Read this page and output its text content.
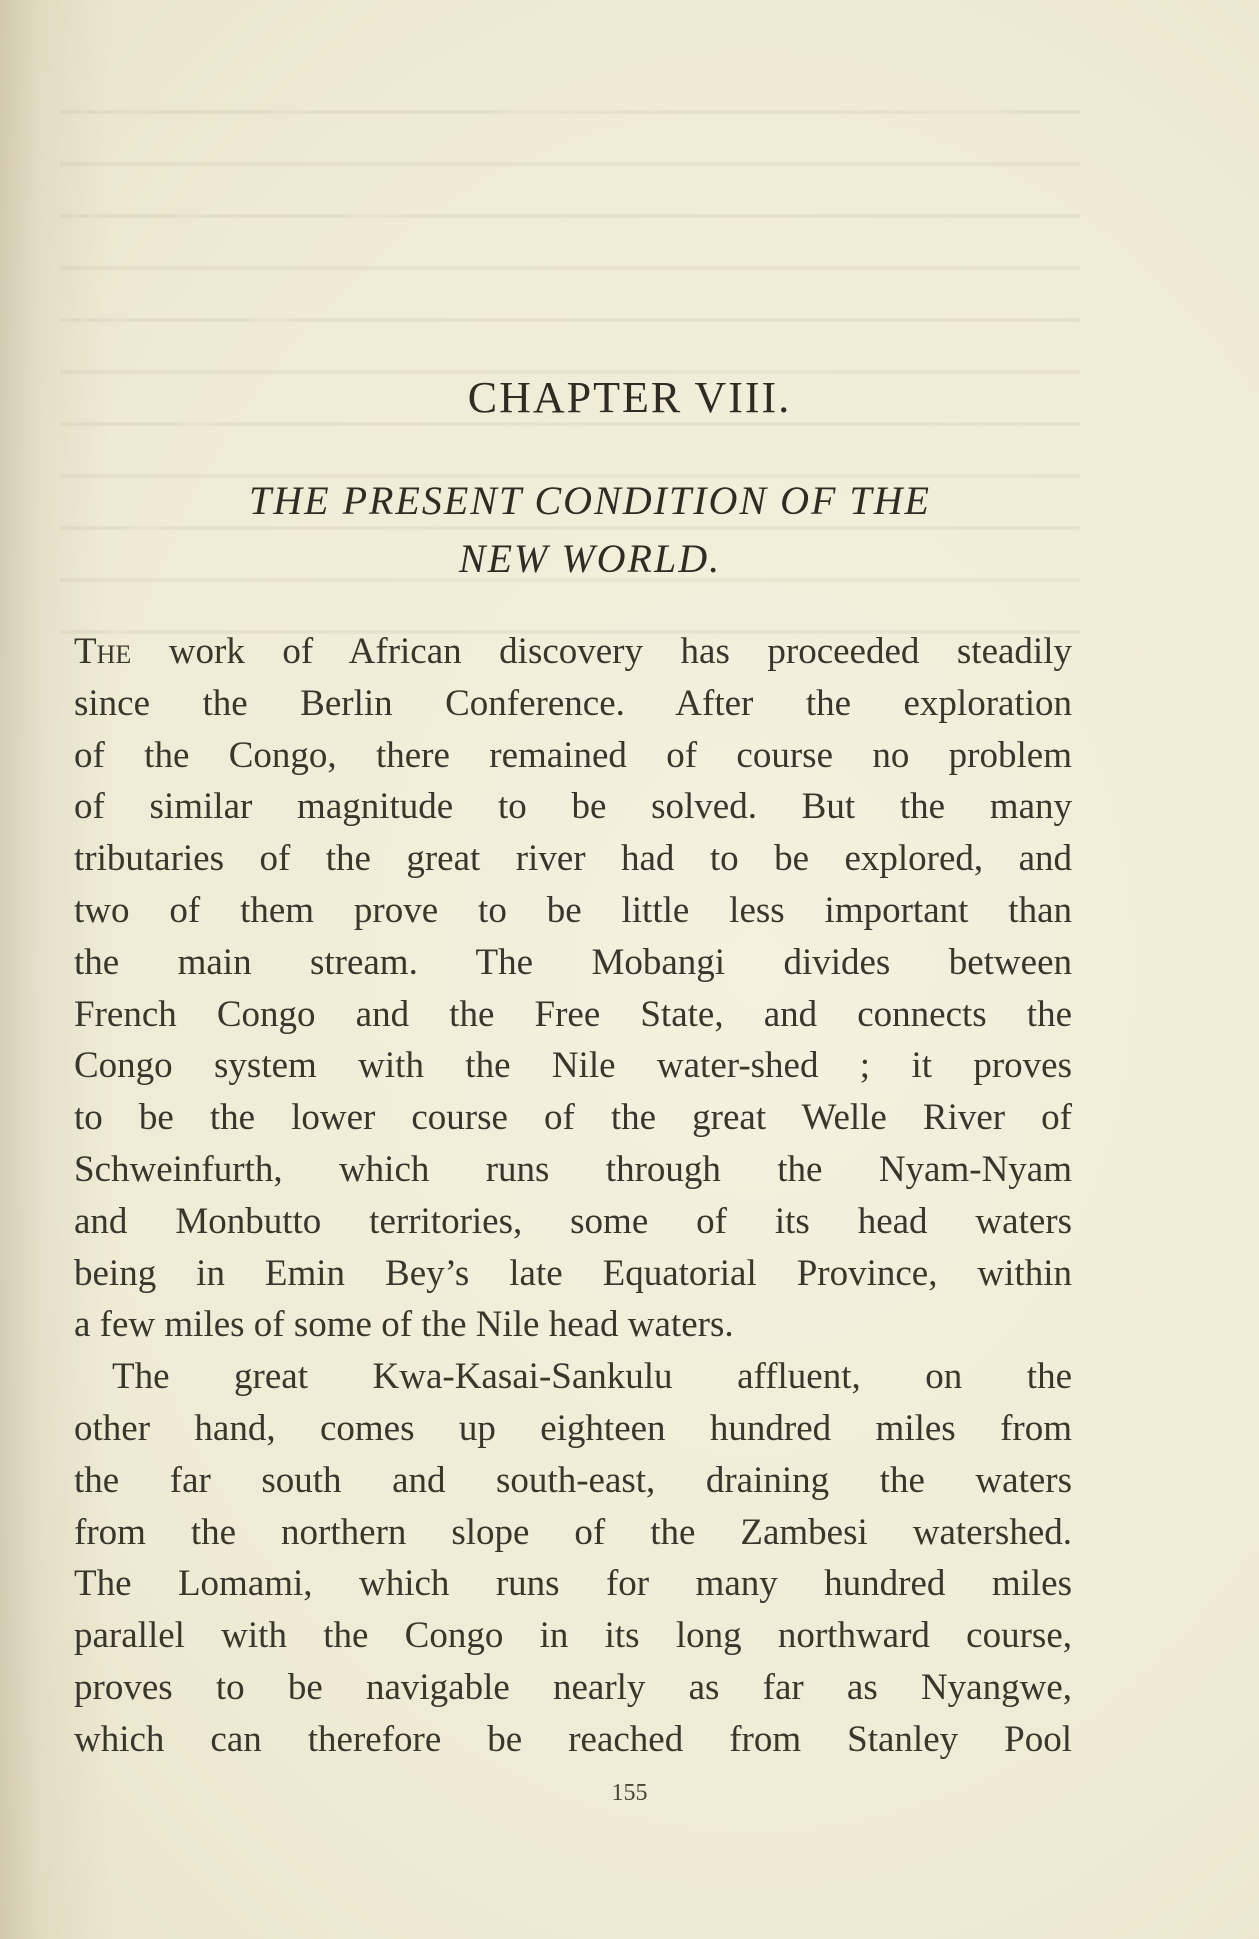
CHAPTER VIII.
THE PRESENT CONDITION OF THE
NEW WORLD.
The work of African discovery has proceeded steadily
since the Berlin Conference. After the exploration
of the Congo, there remained of course no problem
of similar magnitude to be solved. But the many
tributaries of the great river had to be explored, and
two of them prove to be little less important than
the main stream. The Mobangi divides between
French Congo and the Free State, and connects the
Congo system with the Nile water-shed ; it proves
to be the lower course of the great Welle River of
Schweinfurth, which runs through the Nyam-Nyam
and Monbutto territories, some of its head waters
being in Emin Bey’s late Equatorial Province, within
a few miles of some of the Nile head waters.
The great Kwa-Kasai-Sankulu affluent, on the
other hand, comes up eighteen hundred miles from
the far south and south-east, draining the waters
from the northern slope of the Zambesi watershed.
The Lomami, which runs for many hundred miles
parallel with the Congo in its long northward course,
proves to be navigable nearly as far as Nyangwe,
which can therefore be reached from Stanley Pool
155
